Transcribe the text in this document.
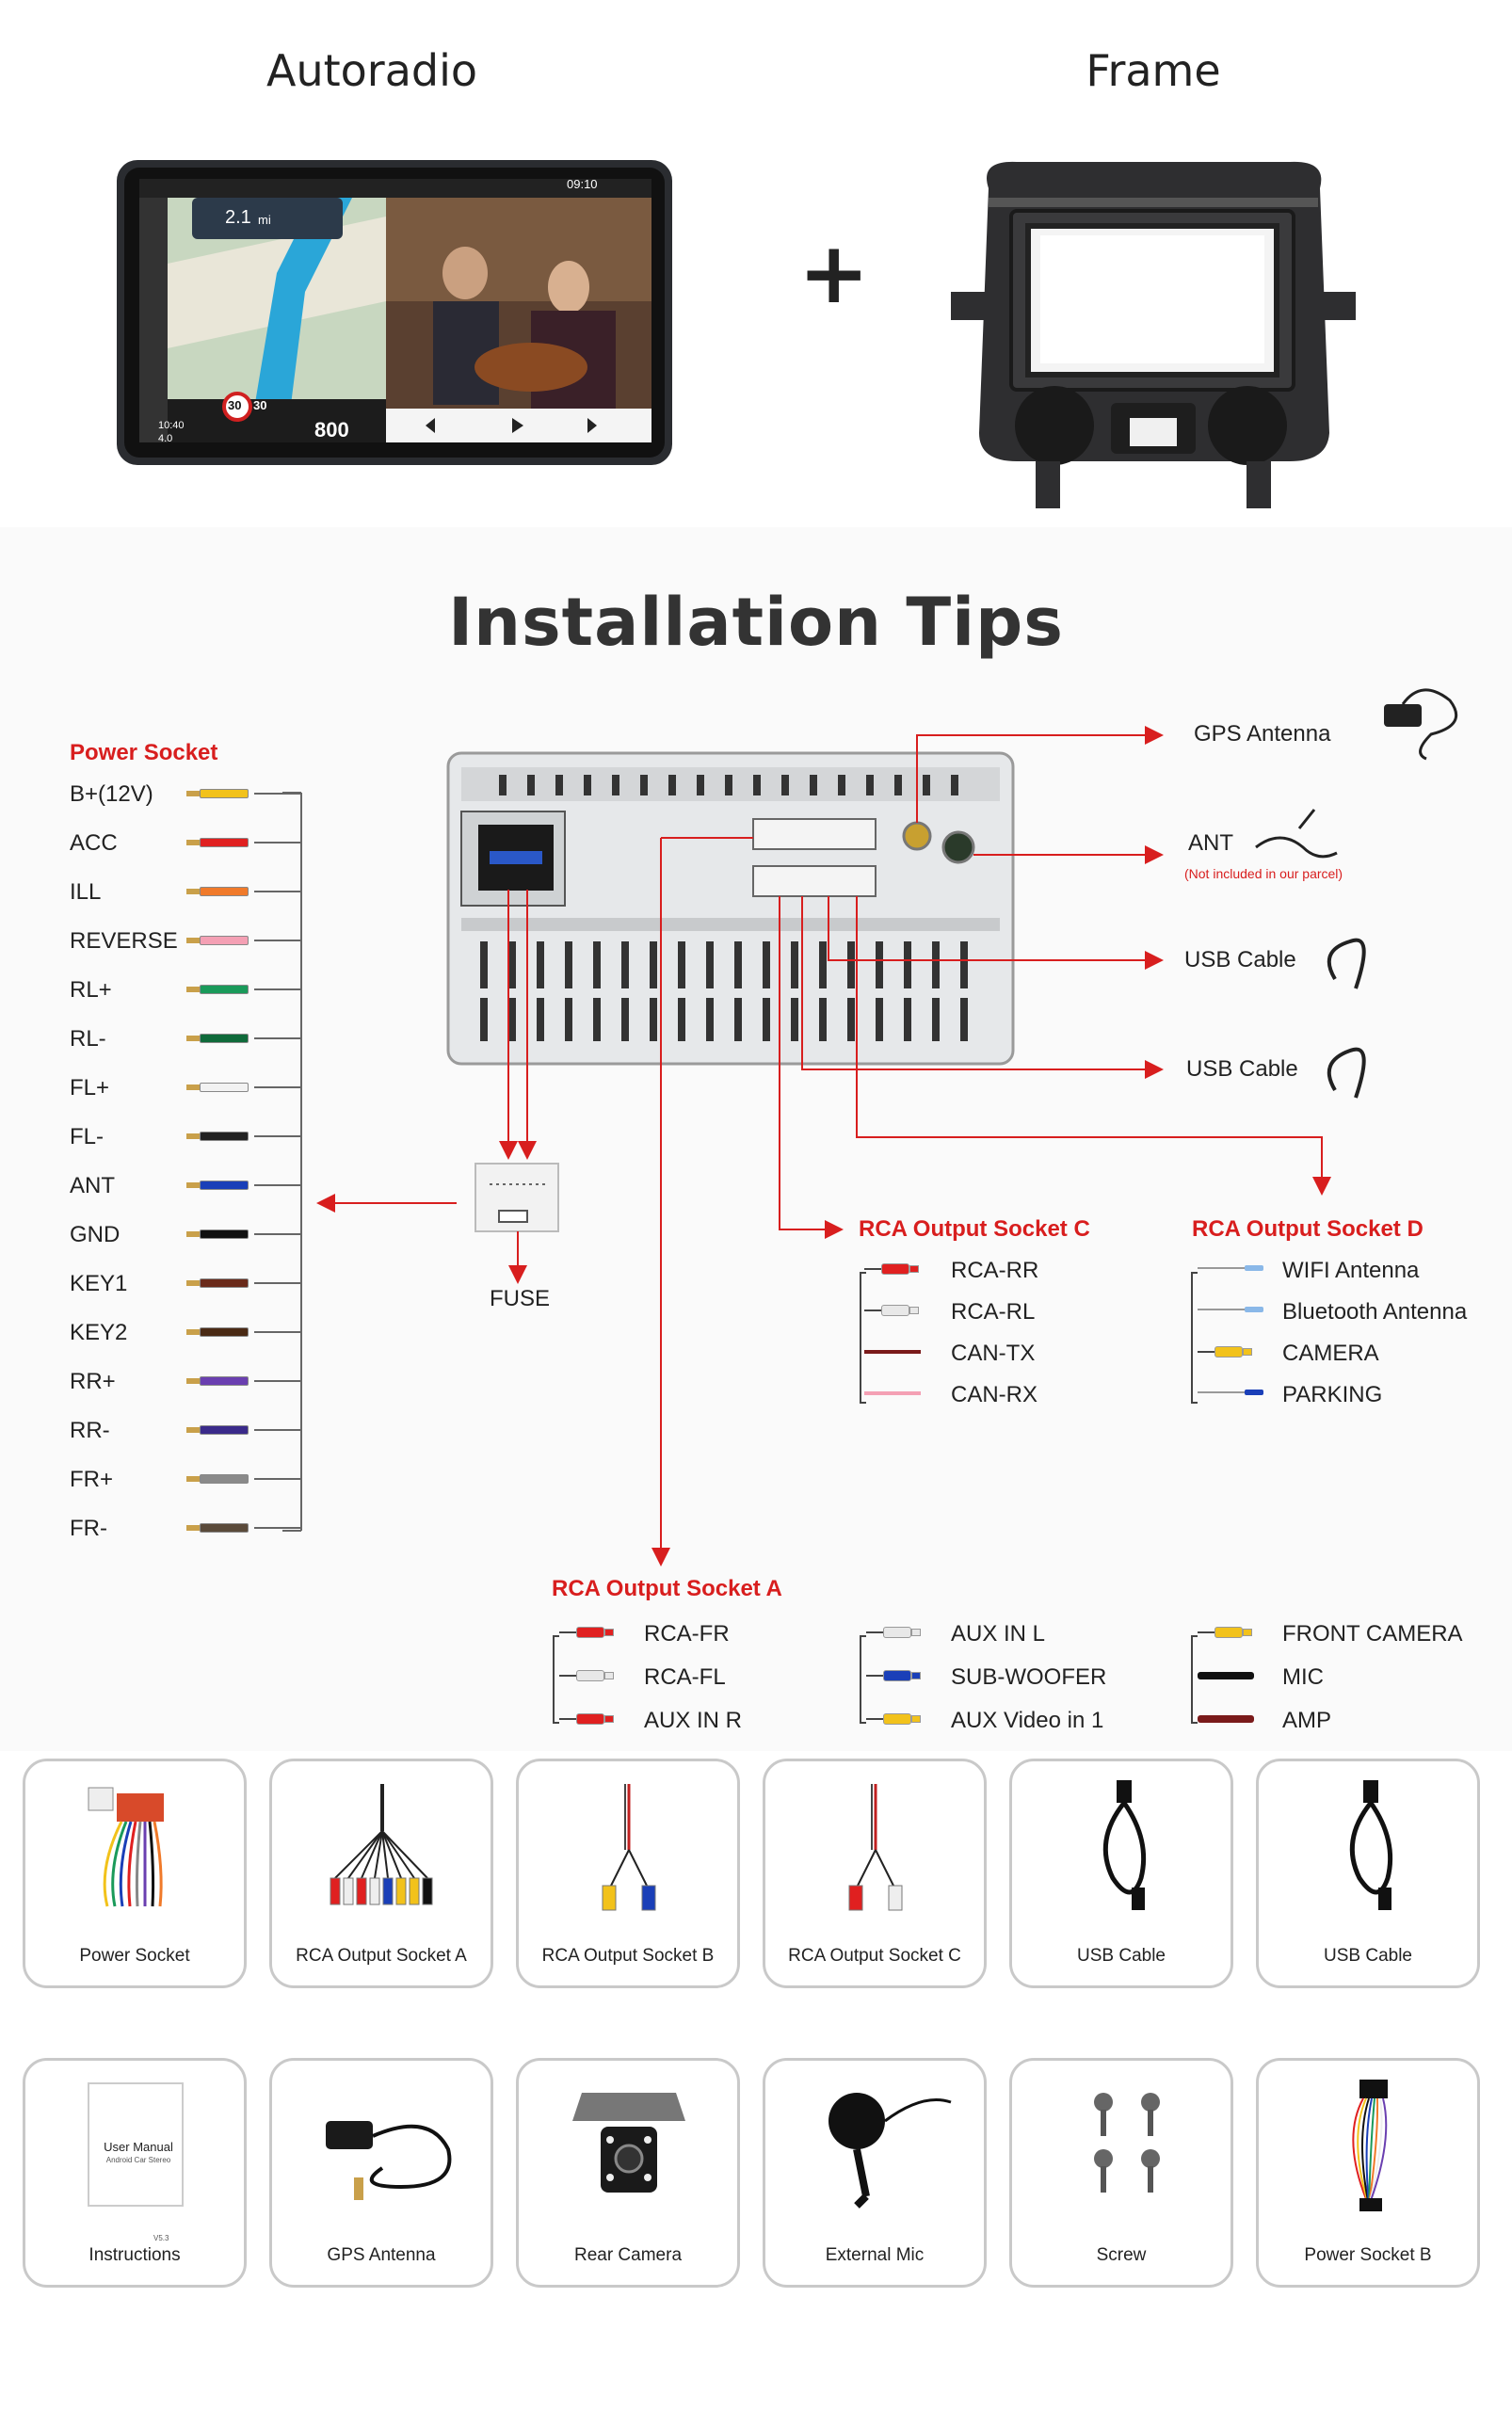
Autoradio	Frame
+
09:10
2.1 mi
30 30
10:40
4.0	800
Installation Tips
Power Socket
B+(12V)
ACC
ILL
REVERSE
RL+
RL-
FL+
FL-
ANT
GND
KEY1
KEY2
RR+
RR-
FR+
FR-
FUSE
GPS Antenna
ANT
(Not included in our parcel)
USB Cable
USB Cable
RCA Output Socket C
RCA-RR
RCA-RL
CAN-TX
CAN-RX
RCA Output Socket D
WIFI Antenna
Bluetooth Antenna
CAMERA
PARKING
RCA Output Socket A
RCA-FR
RCA-FL
AUX IN R
AUX IN L
SUB-WOOFER
AUX Video in 1
FRONT CAMERA
MIC
AMP
Power Socket	RCA Output Socket A	RCA Output Socket B	RCA Output Socket C	USB Cable	USB Cable
User Manual
Android Car Stereo
V5.3
Instructions	GPS Antenna	Rear Camera	External Mic	Screw	Power Socket B
